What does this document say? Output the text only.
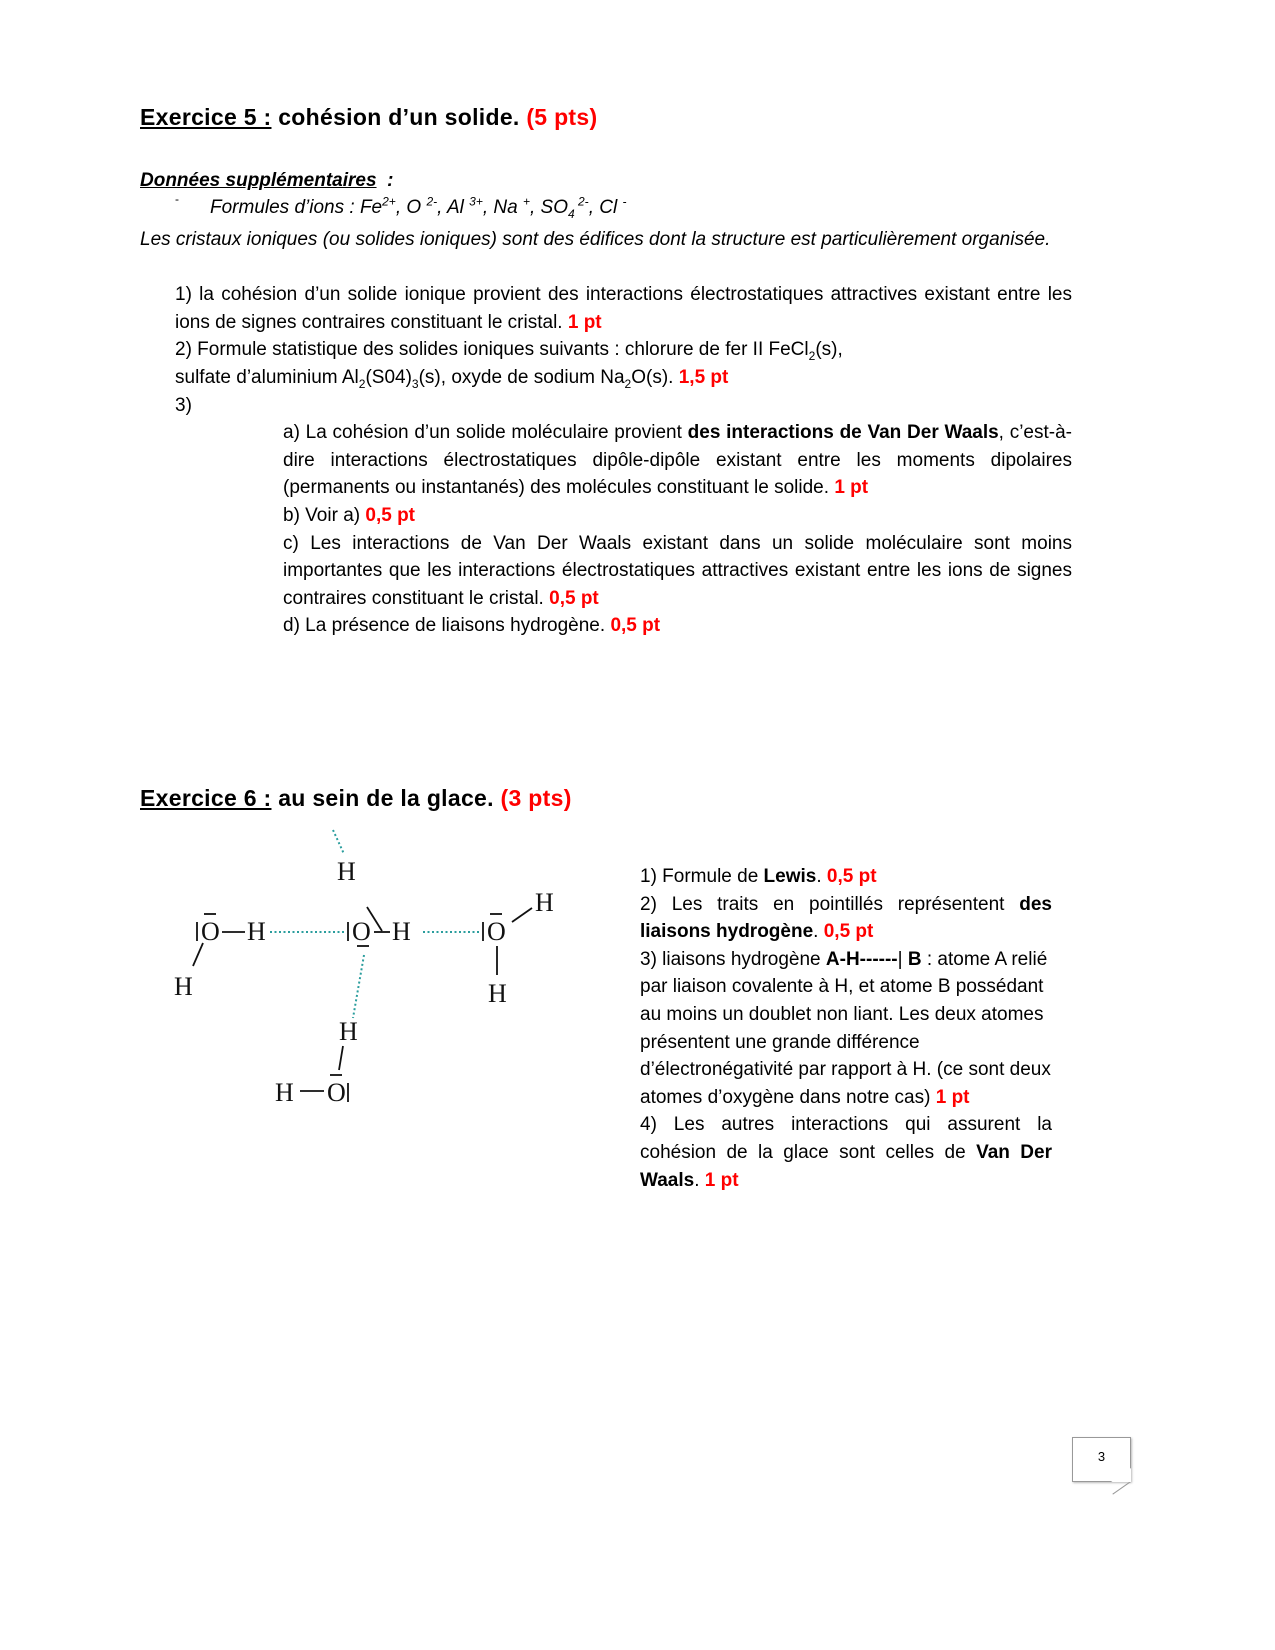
Exercice 5 : cohésion d’un solide. (5 pts)
Données supplémentaires :
- Formules d’ions : $Fe^{2+}$, O $^{2-}$, Al $^{3+}$, Na +, $SO_4$ $^{2-}$, Cl -

Les cristaux ioniques (ou solides ioniques) sont des édifices dont la structure est particulièrement organisée.

1) la cohésion d’un solide ionique provient des interactions électrostatiques attractives existant entre les ions de signes contraires constituant le cristal. 1 pt

2) Formule statistique des solides ioniques suivants : chlorure de fer II FeCl$_2$(s),

sulfate d’aluminium $Al_2(S04)_3(s)$, oxyde de sodium $Na_2O(s)$. 1,5 pt

3)

a) La cohésion d’un solide moléculaire provient des interactions de Van Der Waals, c’est-à-dire interactions électrostatiques dipôle-dipôle existant entre les moments dipolaires (permanents ou instantanés) des molécules constituant le solide. 1 pt

b) Voir a) 0,5 pt

c) Les interactions de Van Der Waals existant dans un solide moléculaire sont moins importantes que les interactions électrostatiques attractives existant entre les ions de signes contraires constituant le cristal. 0,5 pt

d) La présence de liaisons hydrogène. 0,5 pt

Exercice 6 : au sein de la glace. (3 pts)
O H
H
O H
H
O
H
H
H
O
H

1) Formule de Lewis. 0,5 pt

2) Les traits en pointillés représentent des liaisons hydrogène. 0,5 pt

3) liaisons hydrogène A-H------| B : atome A relié par liaison covalente à H, et atome B possédant au moins un doublet non liant. Les deux atomes présentent une grande différence d’électronégativité par rapport à H. (ce sont deux atomes d’oxygène dans notre cas) 1 pt

4) Les autres interactions qui assurent la cohésion de la glace sont celles de Van Der Waals. 1 pt

3
